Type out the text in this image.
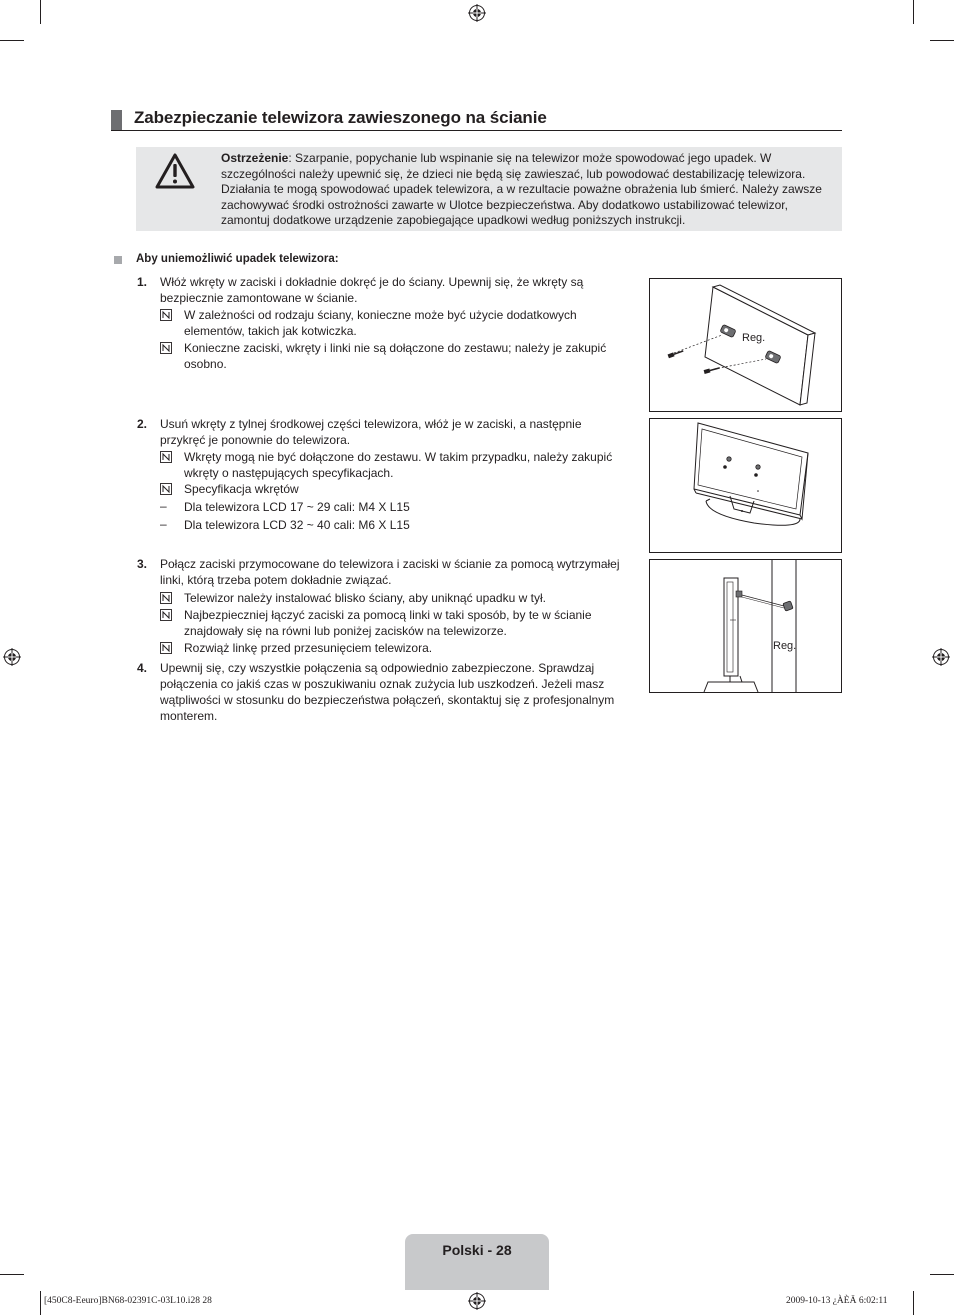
Zabezpieczanie telewizora zawieszonego na ścianie
Ostrzeżenie: Szarpanie, popychanie lub wspinanie się na telewizor może spowodować jego upadek. W szczególności należy upewnić się, że dzieci nie będą się zawieszać, lub powodować destabilizację telewizora. Działania te mogą spowodować upadek telewizora, a w rezultacie poważne obrażenia lub śmierć. Należy zawsze zachowywać środki ostrożności zawarte w Ulotce bezpieczeństwa. Aby dodatkowo ustabilizować telewizor, zamontuj dodatkowe urządzenie zapobiegające upadkowi według poniższych instrukcji.
Aby uniemożliwić upadek telewizora:
1. Włóż wkręty w zaciski i dokładnie dokręć je do ściany. Upewnij się, że wkręty są
bezpiecznie zamontowane w ścianie.
W zależności od rodzaju ściany, konieczne może być użycie dodatkowych
elementów, takich jak kotwiczka.
Konieczne zaciski, wkręty i linki nie są dołączone do zestawu; należy je zakupić
osobno.
2. Usuń wkręty z tylnej środkowej części telewizora, włóż je w zaciski, a następnie
przykręć je ponownie do telewizora.
Wkręty mogą nie być dołączone do zestawu. W takim przypadku, należy zakupić
wkręty o następujących specyfikacjach.
Specyfikacja wkrętów
– Dla telewizora LCD 17 ~ 29 cali: M4 X L15
– Dla telewizora LCD 32 ~ 40 cali: M6 X L15
3. Połącz zaciski przymocowane do telewizora i zaciski w ścianie za pomocą wytrzymałej
linki, którą trzeba potem dokładnie związać.
Telewizor należy instalować blisko ściany, aby uniknąć upadku w tył.
Najbezpieczniej łączyć zaciski za pomocą linki w taki sposób, by te w ścianie
znajdowały się na równi lub poniżej zacisków na telewizorze.
Rozwiąż linkę przed przesunięciem telewizora.
4. Upewnij się, czy wszystkie połączenia są odpowiednio zabezpieczone. Sprawdzaj
połączenia co jakiś czas w poszukiwaniu oznak zużycia lub uszkodzeń. Jeżeli masz
wątpliwości w stosunku do bezpieczeństwa połączeń, skontaktuj się z profesjonalnym
monterem.
Reg.
Reg.
Polski - 28
[450C8-Eeuro]BN68-02391C-03L10.i28 28	2009-10-13 ¿ÀÈÄ 6:02:11
